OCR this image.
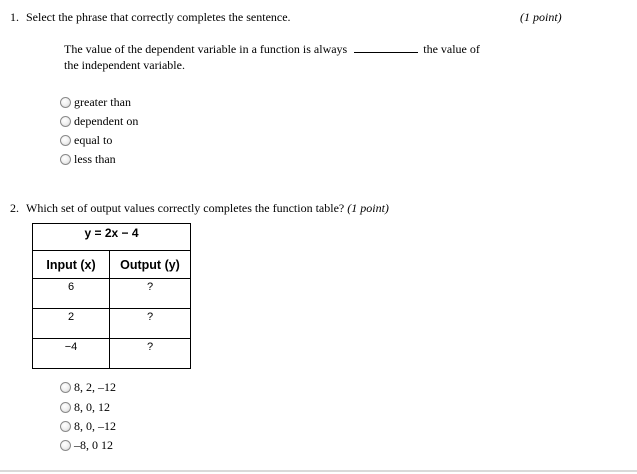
1. Select the phrase that correctly completes the sentence.	(1 point)
The value of the dependent variable in a function is always	the value of
the independent variable.
greater than
dependent on
equal to
less than
2. Which set of output values correctly completes the function table? (1 point)
y = 2x − 4	
Input (x)	Output (y)
6	?
2	?
−4	?
8, 2, –12
8, 0, 12
8, 0, –12
–8, 0 12
